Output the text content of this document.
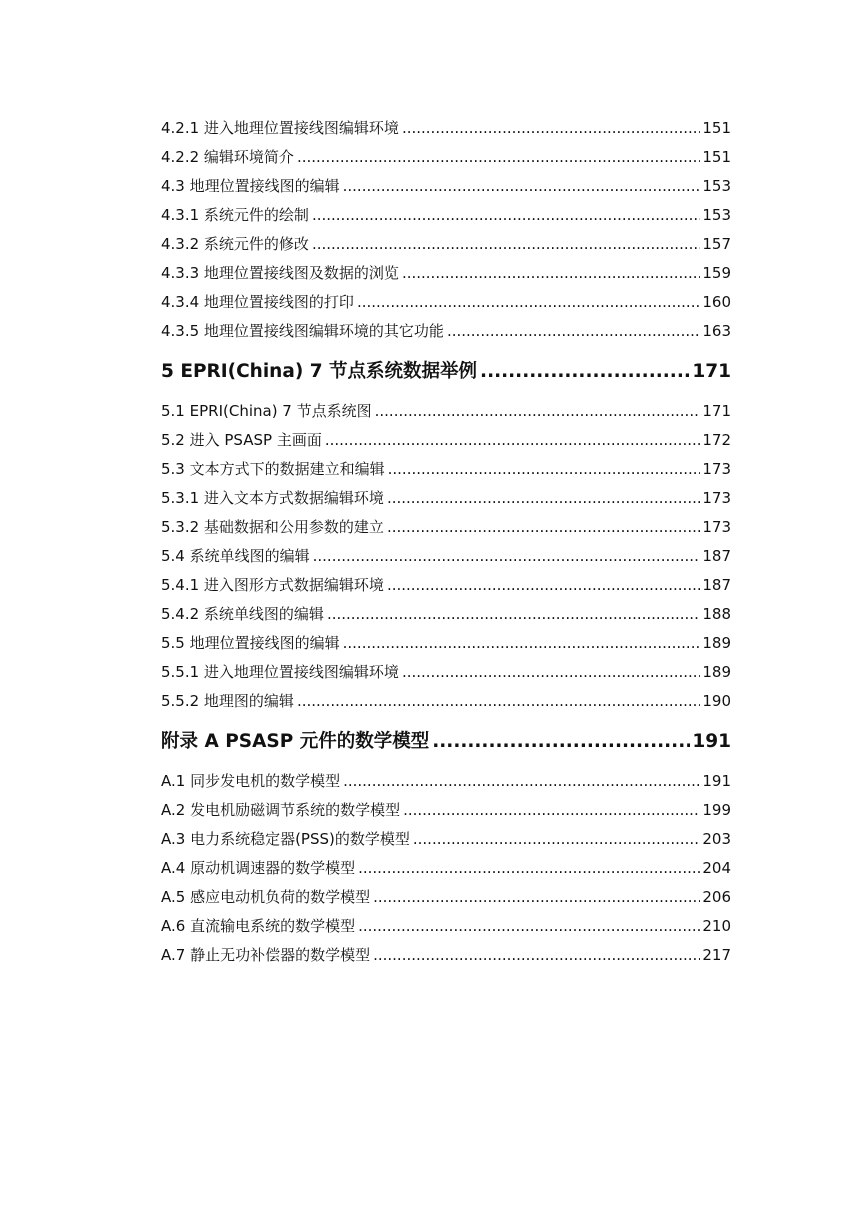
4.2.1 进入地理位置接线图编辑环境 .....	151
4.2.2 编辑环境简介 .....	151
4.3 地理位置接线图的编辑 .....	153
4.3.1 系统元件的绘制 .....	153
4.3.2 系统元件的修改 .....	157
4.3.3 地理位置接线图及数据的浏览 .....	159
4.3.4 地理位置接线图的打印 .....	160
4.3.5 地理位置接线图编辑环境的其它功能 .....	163
5 EPRI(China) 7 节点系统数据举例 .....	171
5.1 EPRI(China) 7 节点系统图 .....	171
5.2 进入 PSASP 主画面 .....	172
5.3 文本方式下的数据建立和编辑 .....	173
5.3.1 进入文本方式数据编辑环境 .....	173
5.3.2 基础数据和公用参数的建立 .....	173
5.4 系统单线图的编辑 .....	187
5.4.1 进入图形方式数据编辑环境 .....	187
5.4.2 系统单线图的编辑 .....	188
5.5 地理位置接线图的编辑 .....	189
5.5.1 进入地理位置接线图编辑环境 .....	189
5.5.2 地理图的编辑 .....	190
附录 A PSASP 元件的数学模型 .....	191
A.1 同步发电机的数学模型 .....	191
A.2 发电机励磁调节系统的数学模型 .....	199
A.3 电力系统稳定器(PSS)的数学模型 .....	203
A.4 原动机调速器的数学模型 .....	204
A.5 感应电动机负荷的数学模型 .....	206
A.6 直流输电系统的数学模型 .....	210
A.7 静止无功补偿器的数学模型 .....	217
